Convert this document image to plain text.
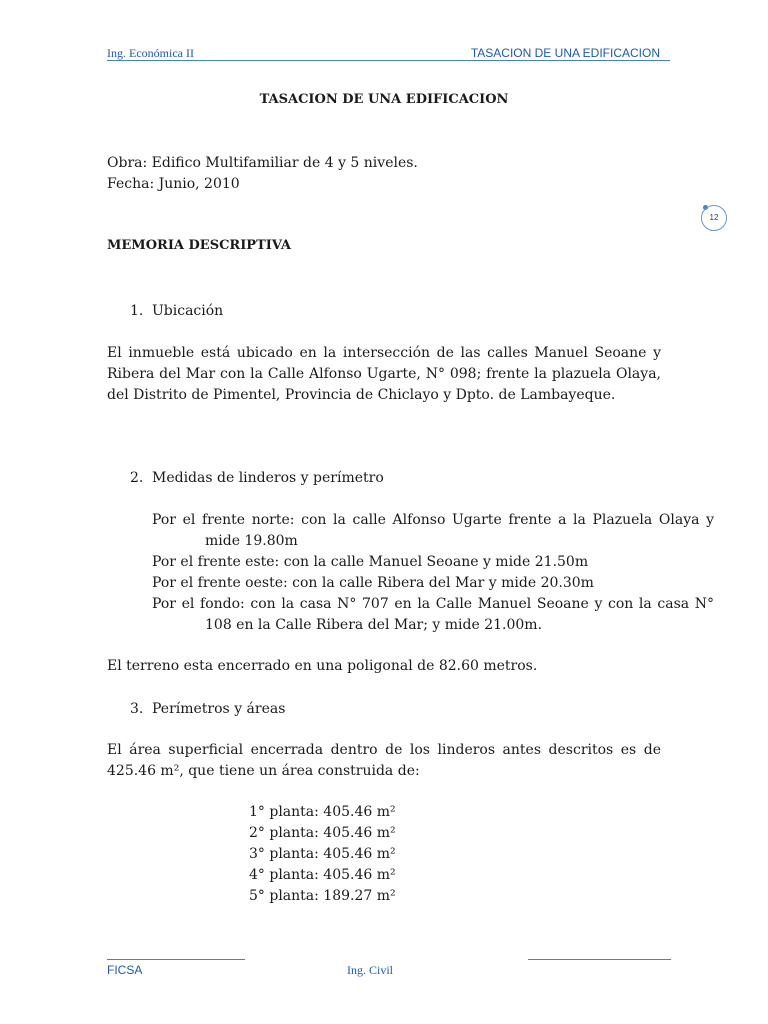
Ing. Económica II	TASACION DE UNA EDIFICACION
12
TASACION DE UNA EDIFICACION
Obra: Edifico Multifamiliar de 4 y 5 niveles.
Fecha: Junio, 2010
MEMORIA DESCRIPTIVA
1. Ubicación
El inmueble está ubicado en la intersección de las calles Manuel Seoane y Ribera del Mar con la Calle Alfonso Ugarte, N° 098; frente la plazuela Olaya, del Distrito de Pimentel, Provincia de Chiclayo y Dpto. de Lambayeque.
2. Medidas de linderos y perímetro
Por el frente norte: con la calle Alfonso Ugarte frente a la Plazuela Olaya y mide 19.80m
Por el frente este: con la calle Manuel Seoane y mide 21.50m
Por el frente oeste: con la calle Ribera del Mar y mide 20.30m
Por el fondo: con la casa N° 707 en la Calle Manuel Seoane y con la casa N° 108 en la Calle Ribera del Mar; y mide 21.00m.
El terreno esta encerrado en una poligonal de 82.60 metros.
3. Perímetros y áreas
El área superficial encerrada dentro de los linderos antes descritos es de 425.46 m², que tiene un área construida de:
1° planta: 405.46 m²
2° planta: 405.46 m²
3° planta: 405.46 m²
4° planta: 405.46 m²
5° planta: 189.27 m²
FICSA	Ing. Civil
